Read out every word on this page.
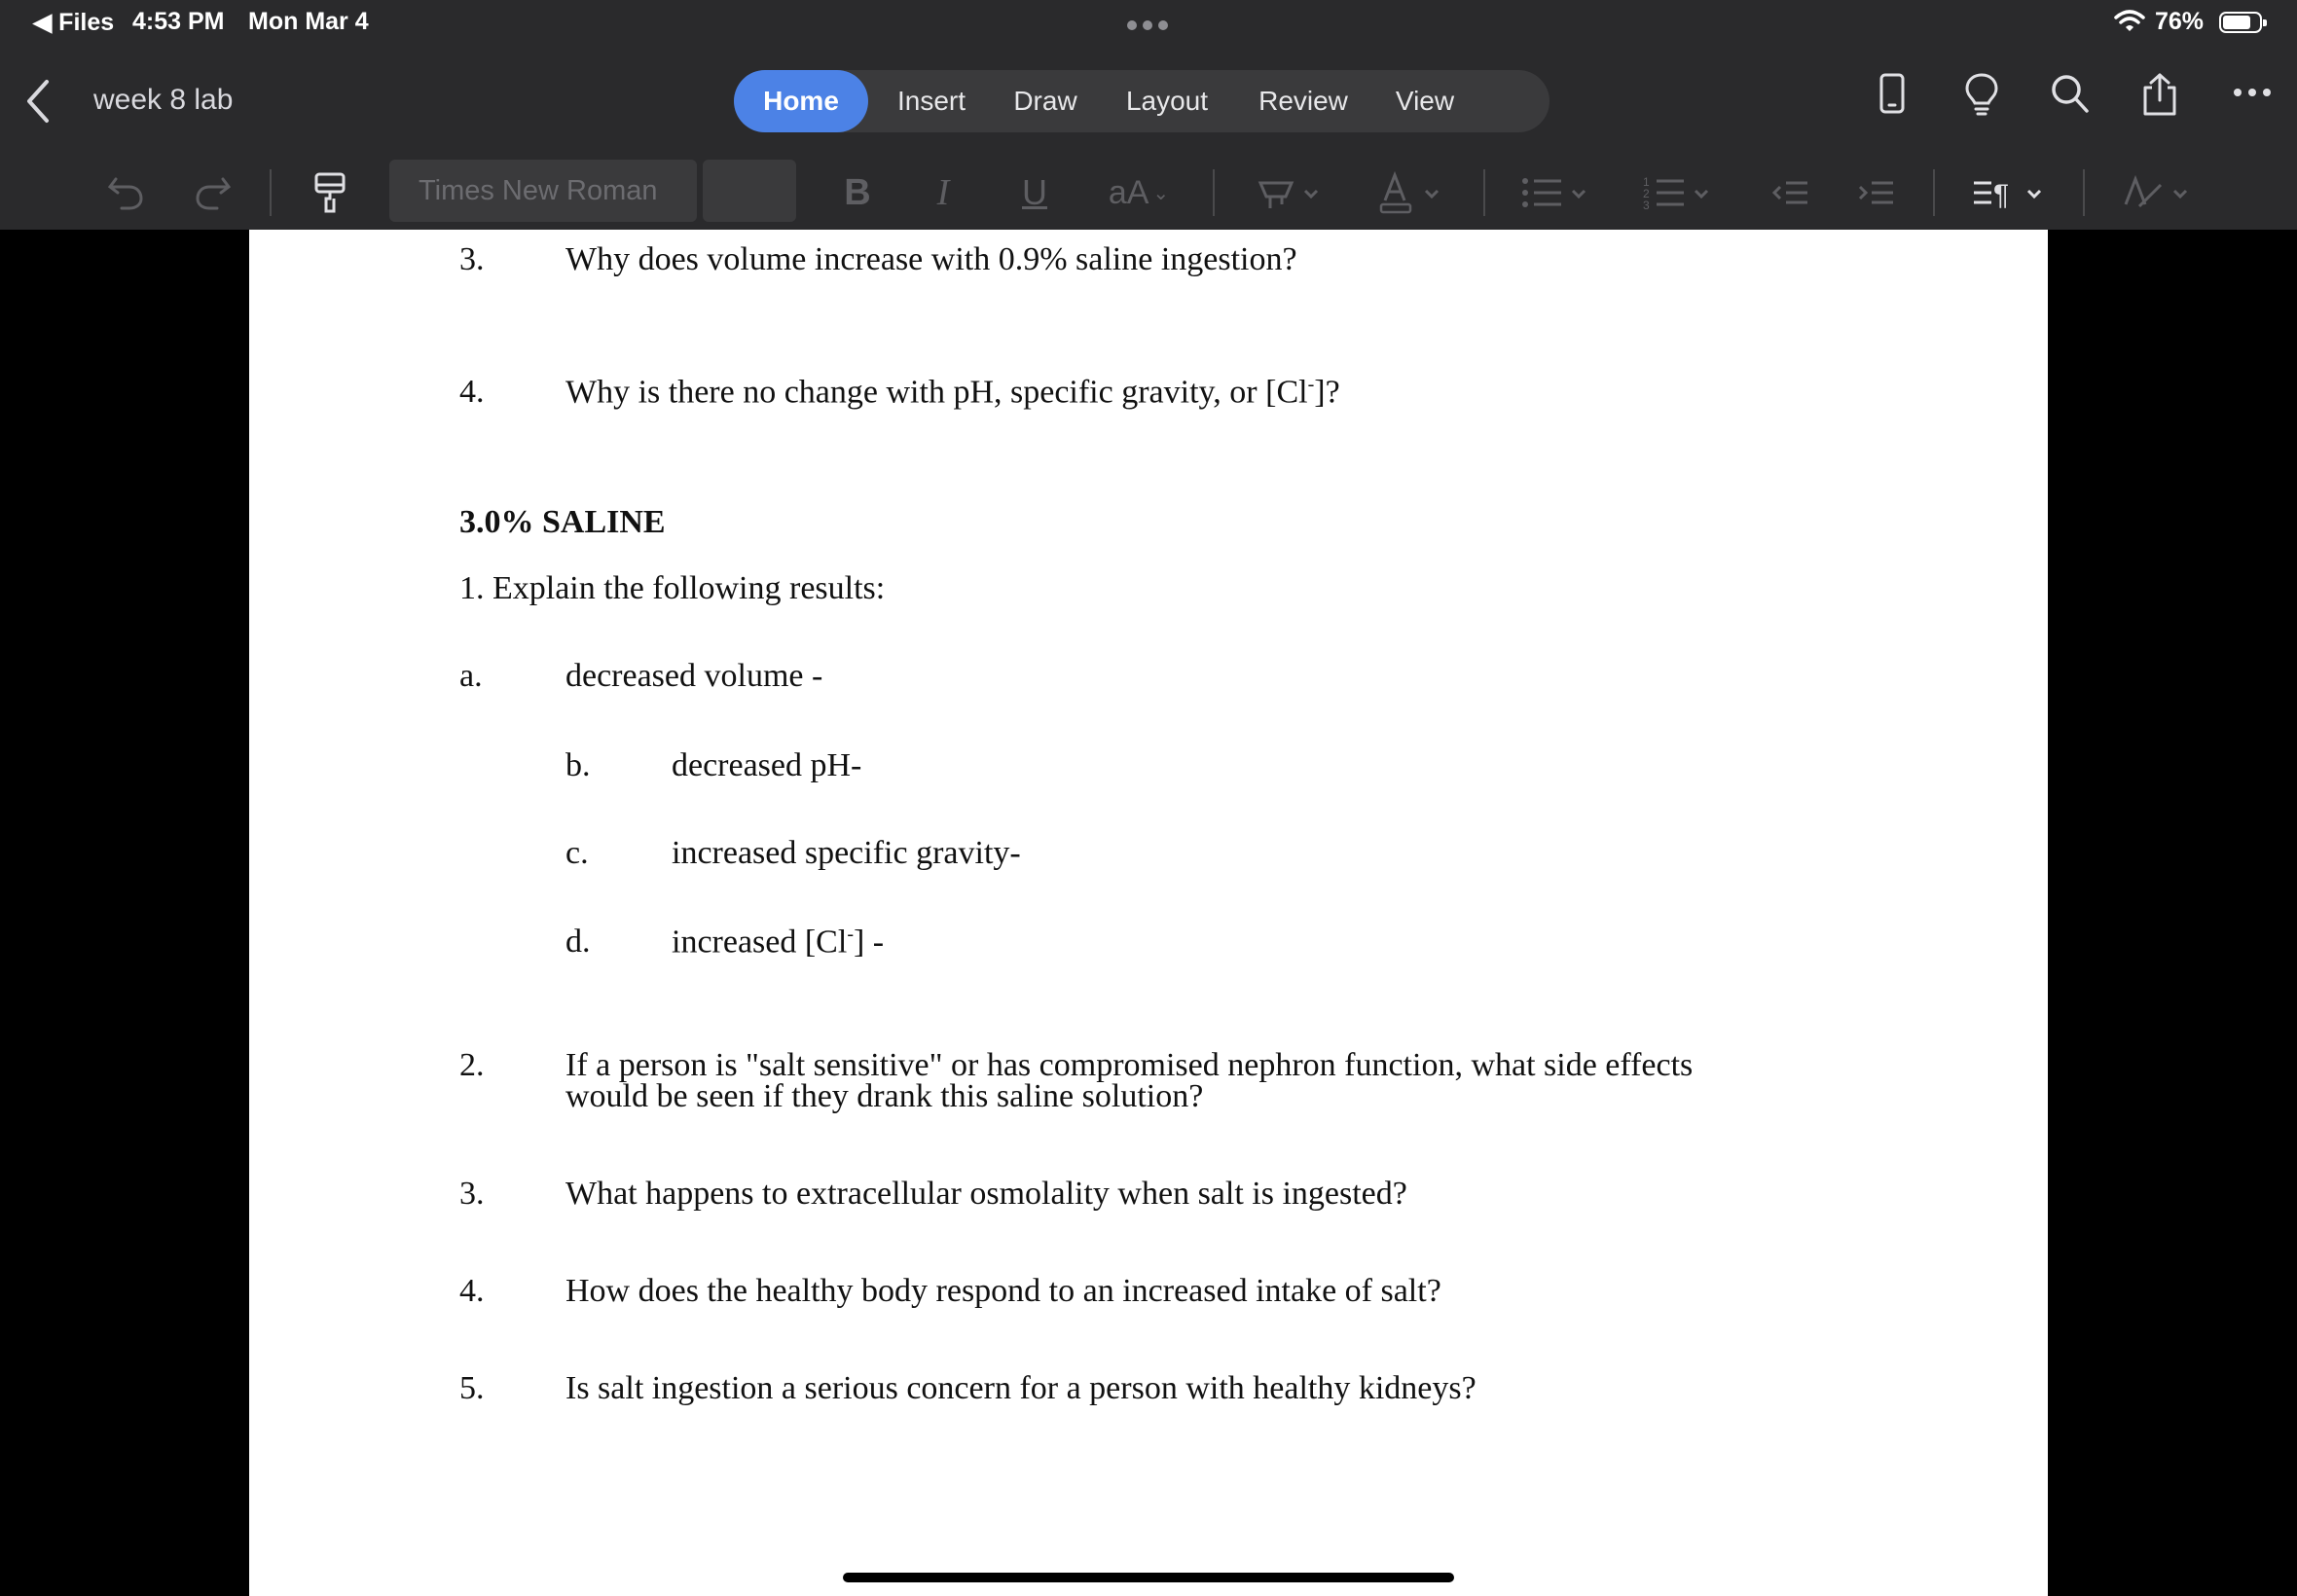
◀ Files 4:53 PM Mon Mar 4	76%
week 8 lab	Home	Insert	Draw	Layout	Review	View
Times New Roman	B	I	U aA ⌄
1
2
3	¶
3. Why does volume increase with 0.9% saline ingestion?
4. Why is there no change with pH, specific gravity, or [Cl-]?
3.0% SALINE
1. Explain the following results:
a.	decreased volume -
b. decreased pH-
c.	increased specific gravity-
d. increased [Cl-] -
2. If a person is "salt sensitive" or has compromised nephron function, what side effects
would be seen if they drank this saline solution?
3. What happens to extracellular osmolality when salt is ingested?
4. How does the healthy body respond to an increased intake of salt?
5. Is salt ingestion a serious concern for a person with healthy kidneys?
